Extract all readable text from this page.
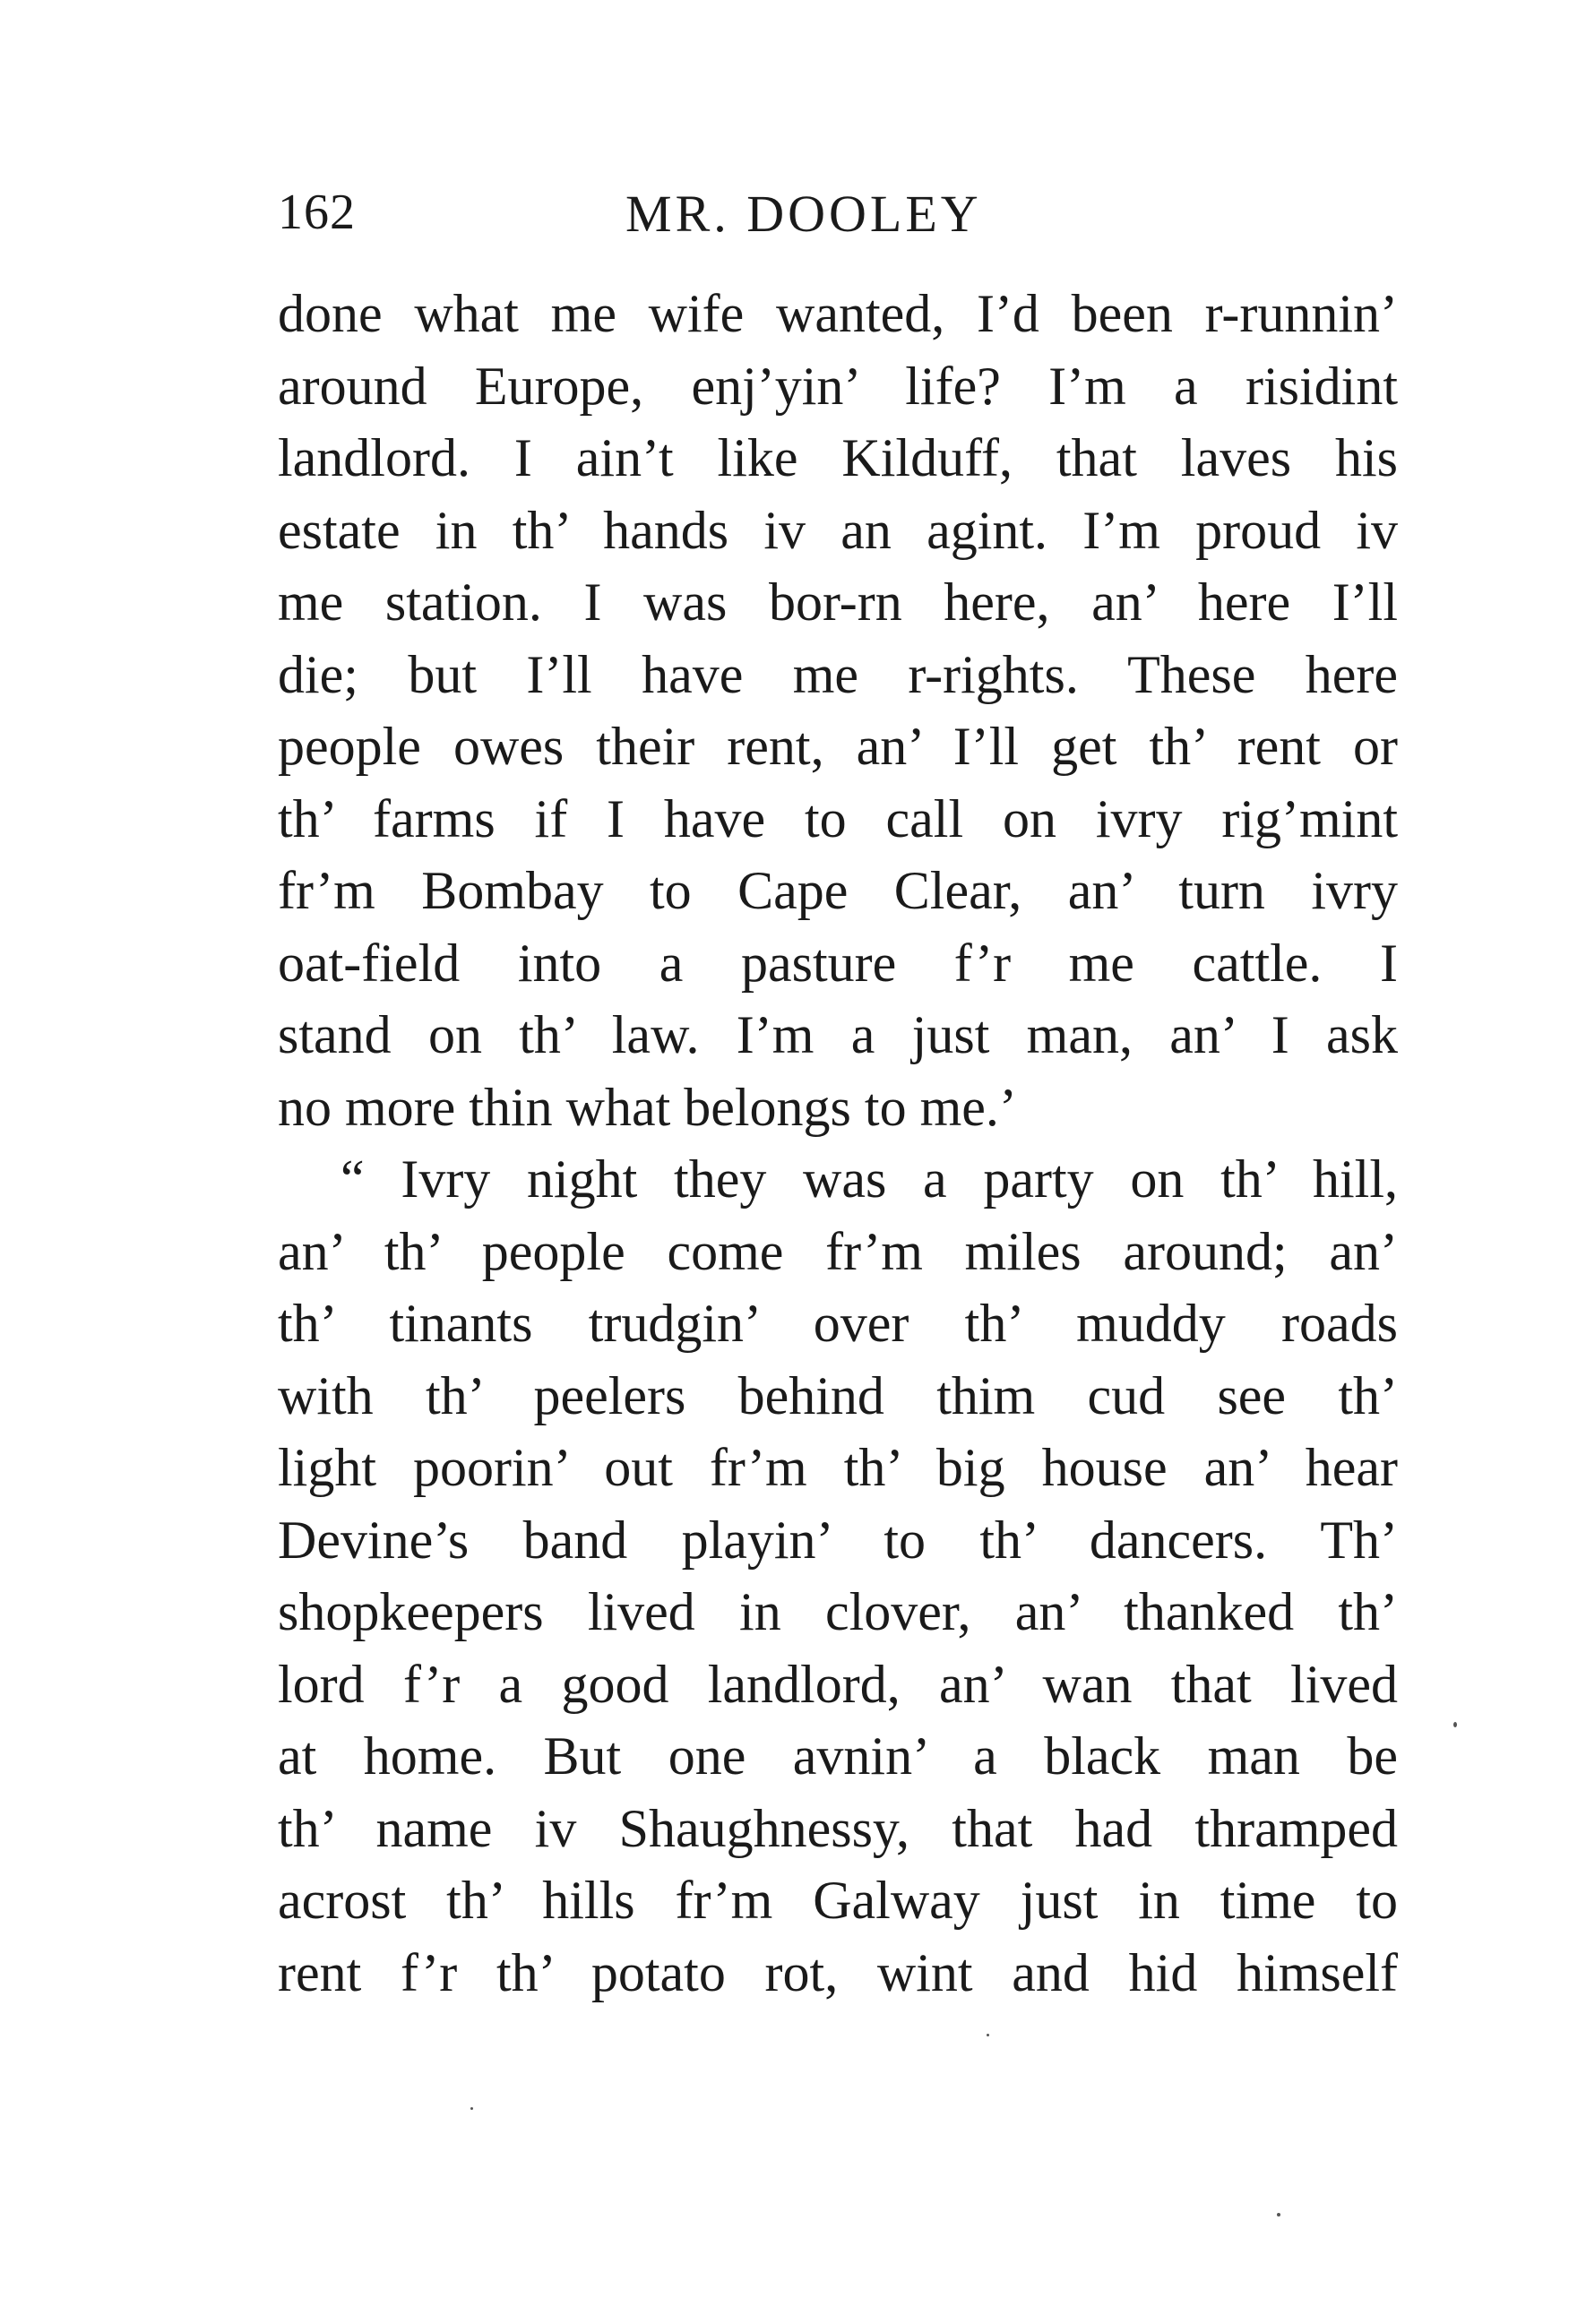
162	MR. DOOLEY
done what me wife wanted, I’d been r-runnin’
around Europe, enj’yin’ life? I’m a risidint
landlord. I ain’t like Kilduff, that laves his
estate in th’ hands iv an agint. I’m proud iv
me station. I was bor-rn here, an’ here I’ll
die; but I’ll have me r-rights. These here
people owes their rent, an’ I’ll get th’ rent or
th’ farms if I have to call on ivry rig’mint
fr’m Bombay to Cape Clear, an’ turn ivry
oat-field into a pasture f’r me cattle. I
stand on th’ law. I’m a just man, an’ I ask
no more thin what belongs to me.’
“ Ivry night they was a party on th’ hill,
an’ th’ people come fr’m miles around; an’
th’ tinants trudgin’ over th’ muddy roads
with th’ peelers behind thim cud see th’
light poorin’ out fr’m th’ big house an’ hear
Devine’s band playin’ to th’ dancers. Th’
shopkeepers lived in clover, an’ thanked th’
lord f’r a good landlord, an’ wan that lived
at home. But one avnin’ a black man be
th’ name iv Shaughnessy, that had thramped
acrost th’ hills fr’m Galway just in time to
rent f’r th’ potato rot, wint and hid himself
